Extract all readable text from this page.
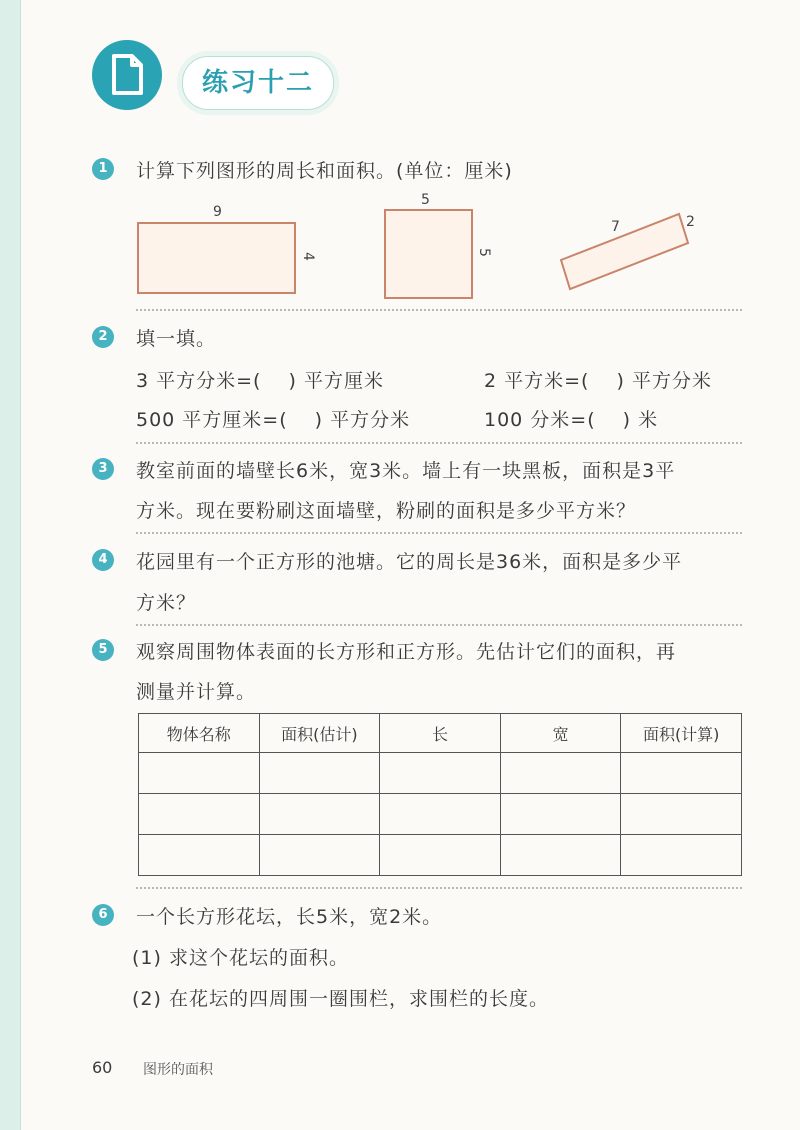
练习十二
1	计算下列图形的周长和面积。(单位：厘米)
9
4
5
5
7	2
2	填一填。
3 平方分米=(　 ) 平方厘米	2 平方米=(　 ) 平方分米
500 平方厘米=(　 ) 平方分米	100 分米=(　 ) 米
3	教室前面的墙壁长6米，宽3米。墙上有一块黑板，面积是3平
方米。现在要粉刷这面墙壁，粉刷的面积是多少平方米？
4	花园里有一个正方形的池塘。它的周长是36米，面积是多少平
方米？
5	观察周围物体表面的长方形和正方形。先估计它们的面积，再
测量并计算。
物体名称	面积(估计)	长	宽	面积(计算)

6	一个长方形花坛，长5米，宽2米。
(1) 求这个花坛的面积。
(2) 在花坛的四周围一圈围栏，求围栏的长度。
60 图形的面积
